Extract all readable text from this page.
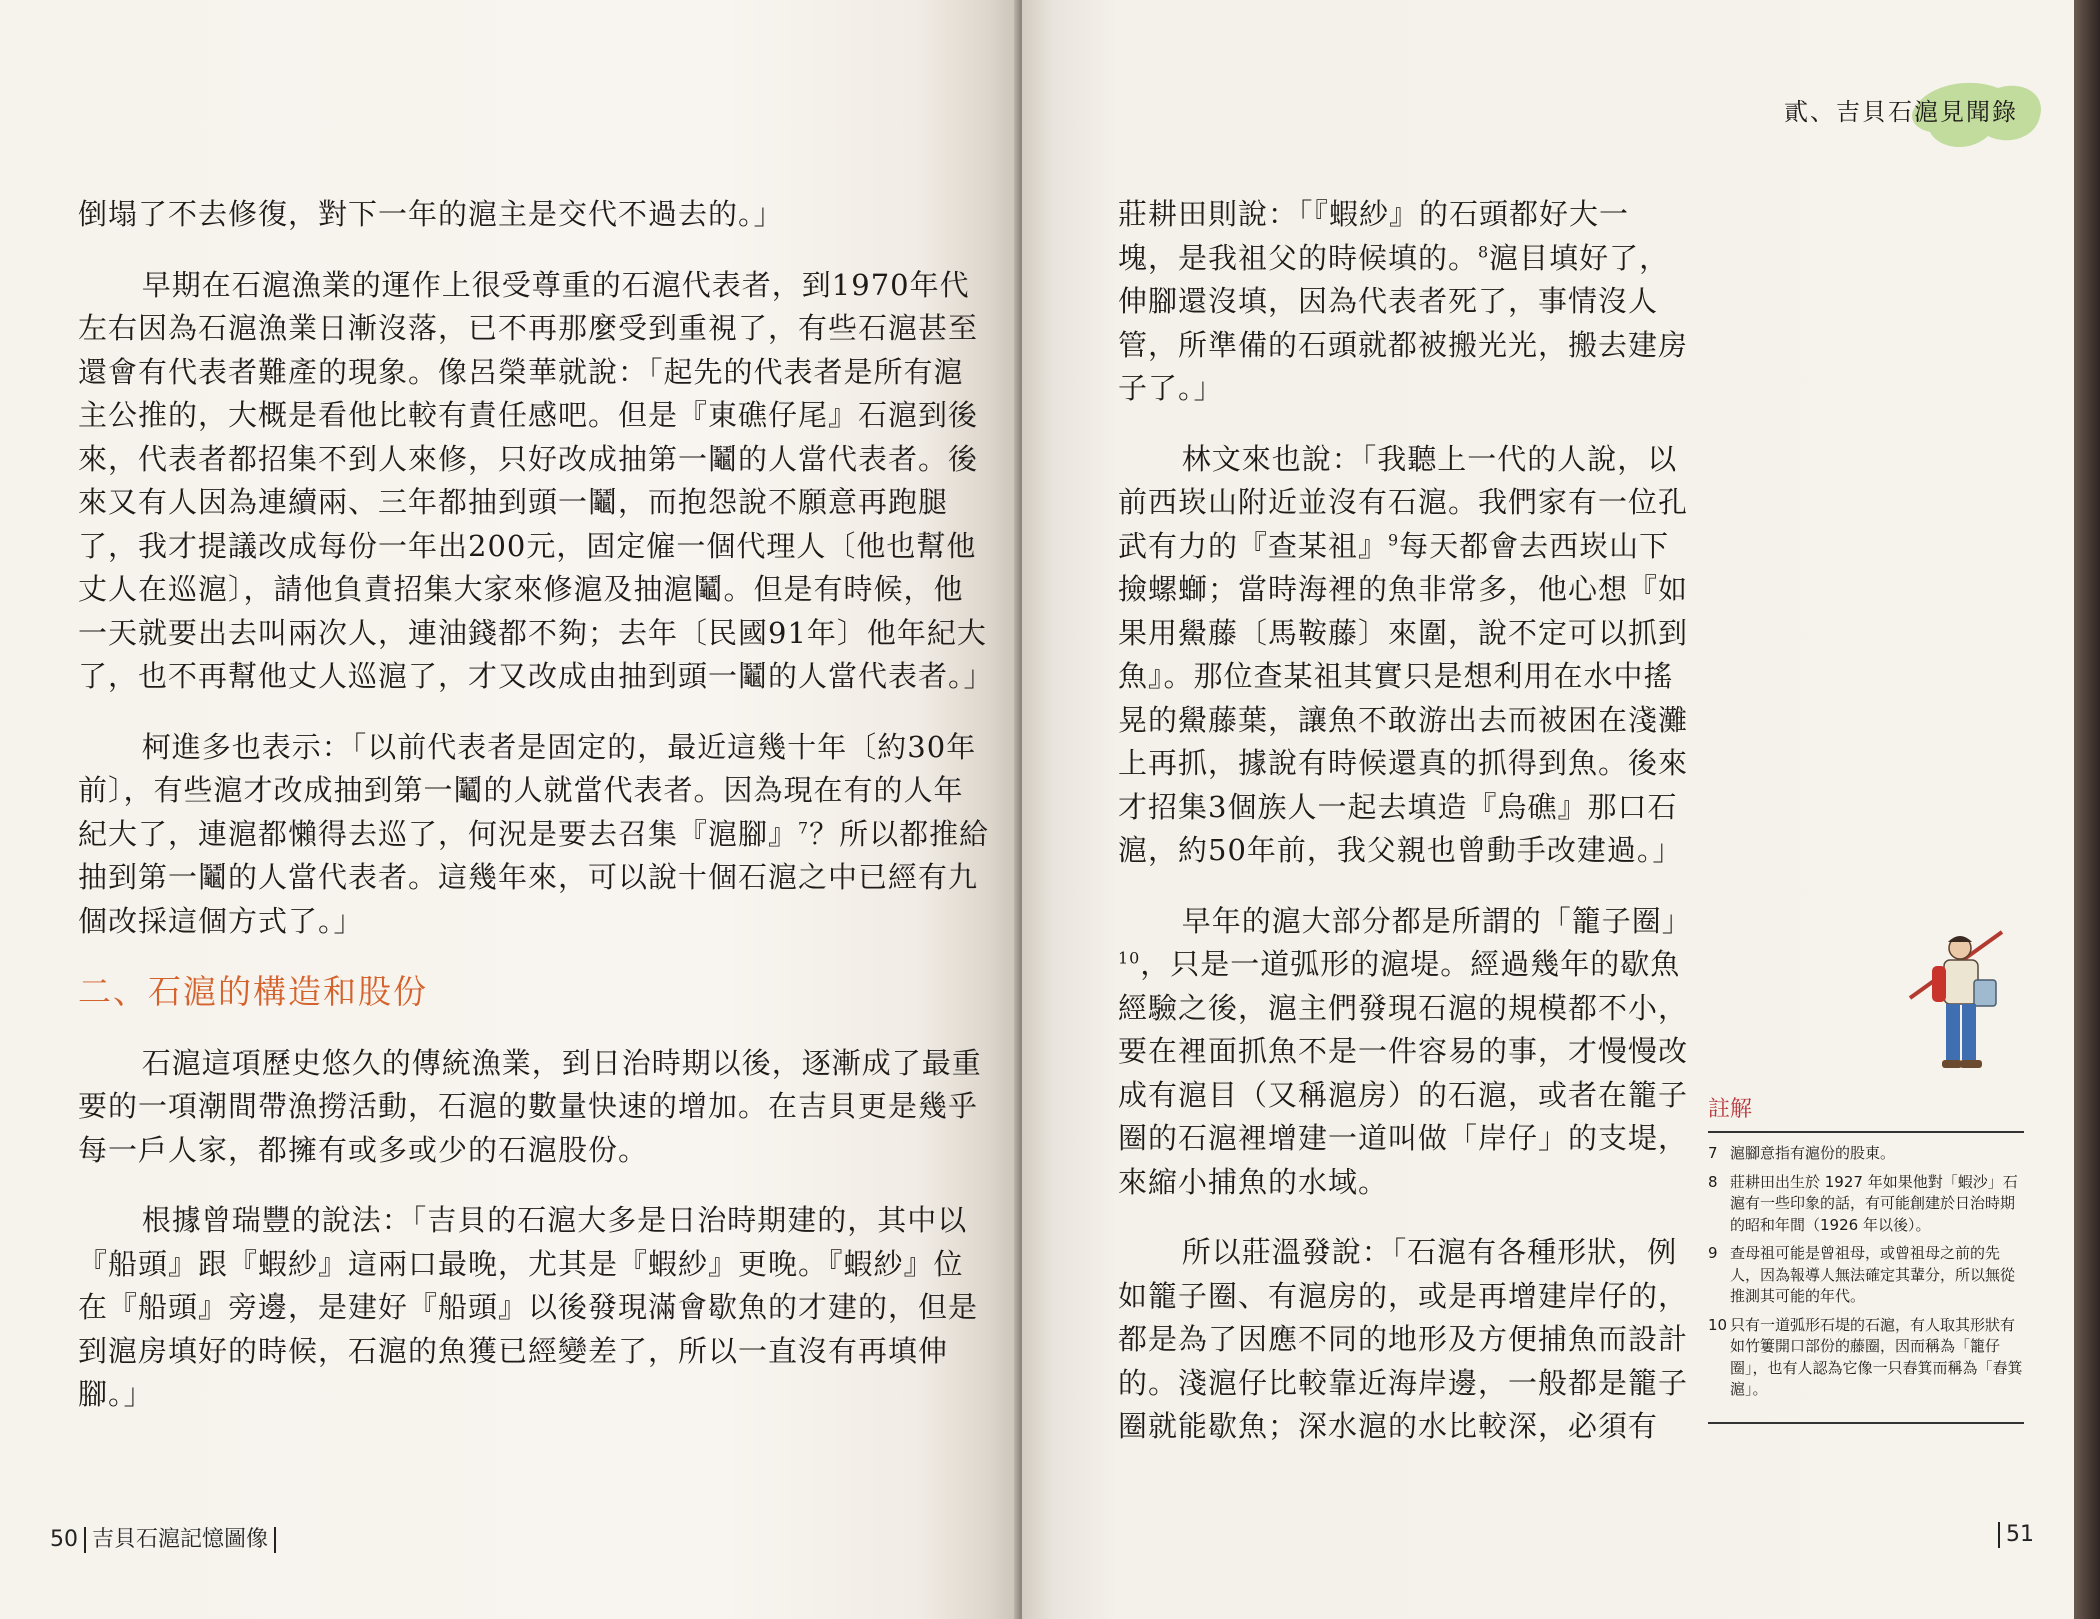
倒塌了不去修復，對下一年的滬主是交代不過去的。」

早期在石滬漁業的運作上很受尊重的石滬代表者，到1970年代左右因為石滬漁業日漸沒落，已不再那麼受到重視了，有些石滬甚至還會有代表者難產的現象。像呂榮華就說：「起先的代表者是所有滬主公推的，大概是看他比較有責任感吧。但是『東礁仔尾』石滬到後來，代表者都招集不到人來修，只好改成抽第一鬮的人當代表者。後來又有人因為連續兩、三年都抽到頭一鬮，而抱怨說不願意再跑腿了，我才提議改成每份一年出200元，固定僱一個代理人〔他也幫他丈人在巡滬〕，請他負責招集大家來修滬及抽滬鬮。但是有時候，他一天就要出去叫兩次人，連油錢都不夠；去年〔民國91年〕他年紀大了，也不再幫他丈人巡滬了，才又改成由抽到頭一鬮的人當代表者。」

柯進多也表示：「以前代表者是固定的，最近這幾十年〔約30年前〕，有些滬才改成抽到第一鬮的人就當代表者。因為現在有的人年紀大了，連滬都懶得去巡了，何況是要去召集『滬腳』$^7$？所以都推給抽到第一鬮的人當代表者。這幾年來，可以說十個石滬之中已經有九個改採這個方式了。」

二、石滬的構造和股份

石滬這項歷史悠久的傳統漁業，到日治時期以後，逐漸成了最重要的一項潮間帶漁撈活動，石滬的數量快速的增加。在吉貝更是幾乎每一戶人家，都擁有或多或少的石滬股份。

根據曾瑞豐的說法：「吉貝的石滬大多是日治時期建的，其中以『船頭』跟『蝦紗』這兩口最晚，尤其是『蝦紗』更晚。『蝦紗』位在『船頭』旁邊，是建好『船頭』以後發現滿會歇魚的才建的，但是到滬房填好的時候，石滬的魚獲已經變差了，所以一直沒有再填伸腳。」

50 吉貝石滬記憶圖像
貳、吉貝石滬見聞錄

莊耕田則說：「『蝦紗』的石頭都好大一塊，是我祖父的時候填的。$^8$滬目填好了，伸腳還沒填，因為代表者死了，事情沒人管，所準備的石頭就都被搬光光，搬去建房子了。」

林文來也說：「我聽上一代的人說，以前西崁山附近並沒有石滬。我們家有一位孔武有力的『查某祖』$^9$每天都會去西崁山下撿螺螄；當時海裡的魚非常多，他心想『如果用鱟藤〔馬鞍藤〕來圍，說不定可以抓到魚』。那位查某祖其實只是想利用在水中搖晃的鱟藤葉，讓魚不敢游出去而被困在淺灘上再抓，據說有時候還真的抓得到魚。後來才招集3個族人一起去填造『烏礁』那口石滬，約50年前，我父親也曾動手改建過。」

早年的滬大部分都是所謂的「籠子圈」$^{10}$，只是一道弧形的滬堤。經過幾年的歇魚經驗之後，滬主們發現石滬的規模都不小，要在裡面抓魚不是一件容易的事，才慢慢改成有滬目（又稱滬房）的石滬，或者在籠子圈的石滬裡增建一道叫做「岸仔」的支堤，來縮小捕魚的水域。

所以莊溫發說：「石滬有各種形狀，例如籠子圈、有滬房的，或是再增建岸仔的，都是為了因應不同的地形及方便捕魚而設計的。淺滬仔比較靠近海岸邊，一般都是籠子圈就能歇魚；深水滬的水比較深，必須有

註解
7 滬腳意指有滬份的股東。
8 莊耕田出生於 1927 年如果他對「蝦沙」石滬有一些印象的話，有可能創建於日治時期的昭和年間（1926 年以後）。
9 查母祖可能是曾祖母，或曾祖母之前的先人，因為報導人無法確定其輩分，所以無從推測其可能的年代。
10 只有一道弧形石堤的石滬，有人取其形狀有如竹簍開口部份的藤圈，因而稱為「籠仔圈」，也有人認為它像一只舂箕而稱為「舂箕滬」。
51
